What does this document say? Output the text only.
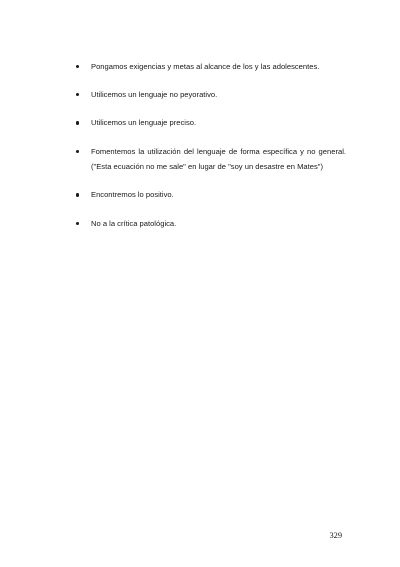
Pongamos exigencias y metas al alcance de los y las adolescentes.
Utilicemos un lenguaje no peyorativo.
Utilicemos un lenguaje preciso.
Fomentemos la utilización del lenguaje de forma específica y no general. ("Esta ecuación no me sale" en lugar de "soy un desastre en Mates")
Encontremos lo positivo.
No a la crítica patológica.
329
